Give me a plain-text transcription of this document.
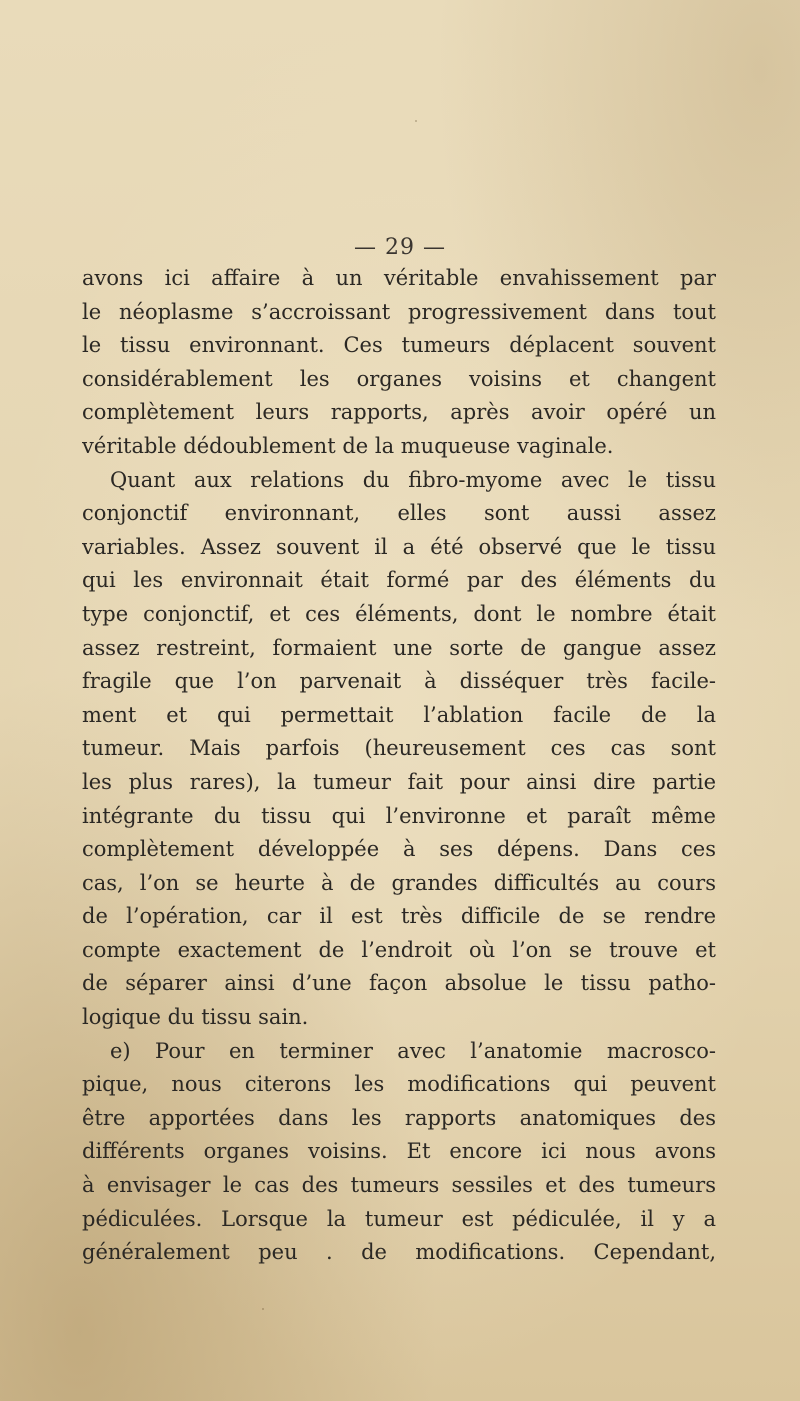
— 29 —
avons ici affaire à un véritable envahissement par
le néoplasme s’accroissant progressivement dans tout
le tissu environnant. Ces tumeurs déplacent souvent
considérablement les organes voisins et changent
complètement leurs rapports, après avoir opéré un
véritable dédoublement de la muqueuse vaginale.
Quant aux relations du fibro-myome avec le tissu
conjonctif environnant, elles sont aussi assez
variables. Assez souvent il a été observé que le tissu
qui les environnait était formé par des éléments du
type conjonctif, et ces éléments, dont le nombre était
assez restreint, formaient une sorte de gangue assez
fragile que l’on parvenait à disséquer très facile-
ment et qui permettait l’ablation facile de la
tumeur. Mais parfois (heureusement ces cas sont
les plus rares), la tumeur fait pour ainsi dire partie
intégrante du tissu qui l’environne et paraît même
complètement développée à ses dépens. Dans ces
cas, l’on se heurte à de grandes difficultés au cours
de l’opération, car il est très difficile de se rendre
compte exactement de l’endroit où l’on se trouve et
de séparer ainsi d’une façon absolue le tissu patho-
logique du tissu sain.
e) Pour en terminer avec l’anatomie macrosco-
pique, nous citerons les modifications qui peuvent
être apportées dans les rapports anatomiques des
différents organes voisins. Et encore ici nous avons
à envisager le cas des tumeurs sessiles et des tumeurs
pédiculées. Lorsque la tumeur est pédiculée, il y a
généralement peu . de modifications. Cependant,
